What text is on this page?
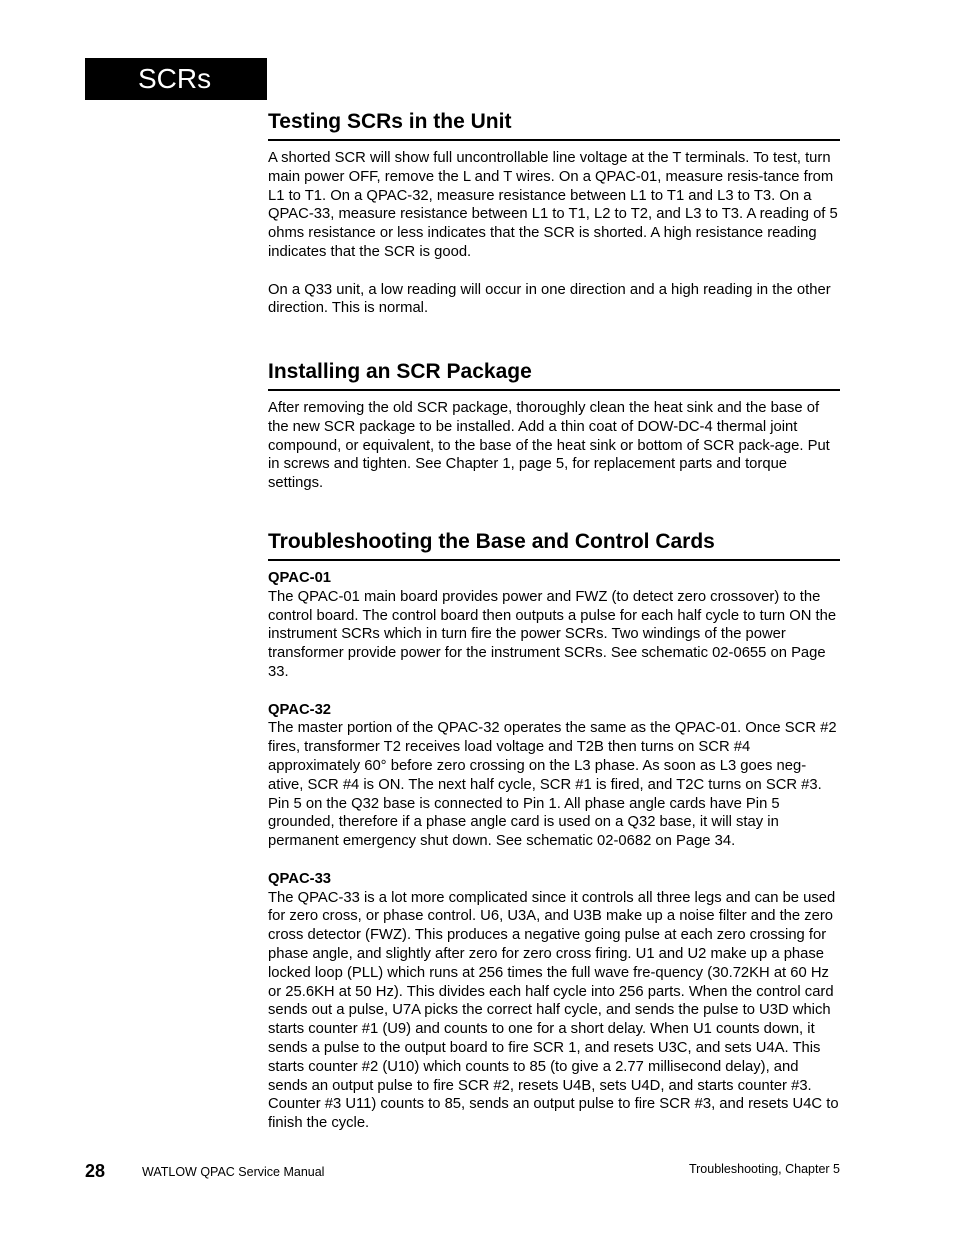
SCRs
Testing SCRs in the Unit

A shorted SCR will show full uncontrollable line voltage at the T terminals. To test, turn main power OFF, remove the L and T wires. On a QPAC-01, measure resis-tance from L1 to T1. On a QPAC-32, measure resistance between L1 to T1 and L3 to T3. On a QPAC-33, measure resistance between L1 to T1, L2 to T2, and L3 to T3. A reading of 5 ohms resistance or less indicates that the SCR is shorted. A high resistance reading indicates that the SCR is good.

On a Q33 unit, a low reading will occur in one direction and a high reading in the other direction. This is normal.

Installing an SCR Package

After removing the old SCR package, thoroughly clean the heat sink and the base of the new SCR package to be installed. Add a thin coat of DOW-DC-4 thermal joint compound, or equivalent, to the base of the heat sink or bottom of SCR pack-age. Put in screws and tighten. See Chapter 1, page 5, for replacement parts and torque settings.

Troubleshooting the Base and Control Cards
QPAC-01

The QPAC-01 main board provides power and FWZ (to detect zero crossover) to the control board. The control board then outputs a pulse for each half cycle to turn ON the instrument SCRs which in turn fire the power SCRs. Two windings of the power transformer provide power for the instrument SCRs. See schematic 02-0655 on Page 33.

QPAC-32

The master portion of the QPAC-32 operates the same as the QPAC-01. Once SCR #2 fires, transformer T2 receives load voltage and T2B then turns on SCR #4 approximately 60° before zero crossing on the L3 phase. As soon as L3 goes neg-ative, SCR #4 is ON. The next half cycle, SCR #1 is fired, and T2C turns on SCR #3. Pin 5 on the Q32 base is connected to Pin 1. All phase angle cards have Pin 5 grounded, therefore if a phase angle card is used on a Q32 base, it will stay in permanent emergency shut down. See schematic 02-0682 on Page 34.

QPAC-33

The QPAC-33 is a lot more complicated since it controls all three legs and can be used for zero cross, or phase control. U6, U3A, and U3B make up a noise filter and the zero cross detector (FWZ). This produces a negative going pulse at each zero crossing for phase angle, and slightly after zero for zero cross firing. U1 and U2 make up a phase locked loop (PLL) which runs at 256 times the full wave fre-quency (30.72KH at 60 Hz or 25.6KH at 50 Hz). This divides each half cycle into 256 parts. When the control card sends out a pulse, U7A picks the correct half cycle, and sends the pulse to U3D which starts counter #1 (U9) and counts to one for a short delay. When U1 counts down, it sends a pulse to the output board to fire SCR 1, and resets U3C, and sets U4A. This starts counter #2 (U10) which counts to 85 (to give a 2.77 millisecond delay), and sends an output pulse to fire SCR #2, resets U4B, sets U4D, and starts counter #3. Counter #3 U11) counts to 85, sends an output pulse to fire SCR #3, and resets U4C to finish the cycle.

28	WATLOW QPAC Service Manual	Troubleshooting, Chapter 5
